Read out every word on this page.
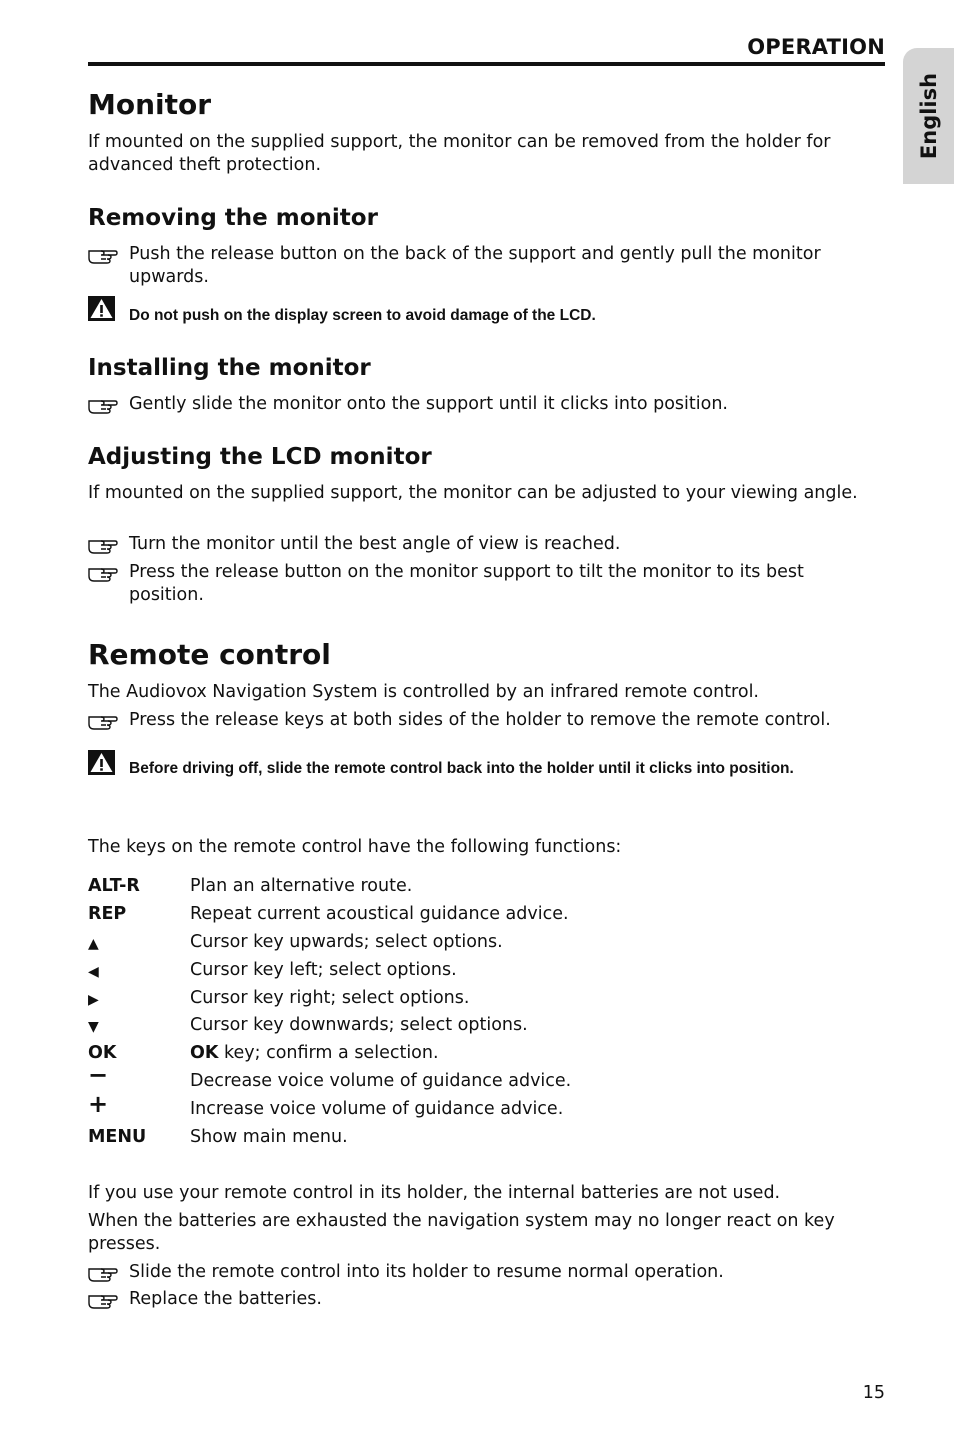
OPERATION
English
Monitor
If mounted on the supplied support, the monitor can be removed from the holder for advanced theft protection.
Removing the monitor
Push the release button on the back of the support and gently pull the monitor upwards.
Do not push on the display screen to avoid damage of the LCD.
Installing the monitor
Gently slide the monitor onto the support until it clicks into position.
Adjusting the LCD monitor
If mounted on the supplied support, the monitor can be adjusted to your viewing angle.
Turn the monitor until the best angle of view is reached.
Press the release button on the monitor support to tilt the monitor to its best position.
Remote control
The Audiovox Navigation System is controlled by an infrared remote control.
Press the release keys at both sides of the holder to remove the remote control.
Before driving off, slide the remote control back into the holder until it clicks into position.
The keys on the remote control have the following functions:
ALT-R	Plan an alternative route.
REP	Repeat current acoustical guidance advice.
▲	Cursor key upwards; select options.
◀	Cursor key left; select options.
▶	Cursor key right; select options.
▼	Cursor key downwards; select options.
OK	OK key; confirm a selection.
−	Decrease voice volume of guidance advice.
+	Increase voice volume of guidance advice.
MENU	Show main menu.
If you use your remote control in its holder, the internal batteries are not used.
When the batteries are exhausted the navigation system may no longer react on key presses.
Slide the remote control into its holder to resume normal operation.
Replace the batteries.
15
